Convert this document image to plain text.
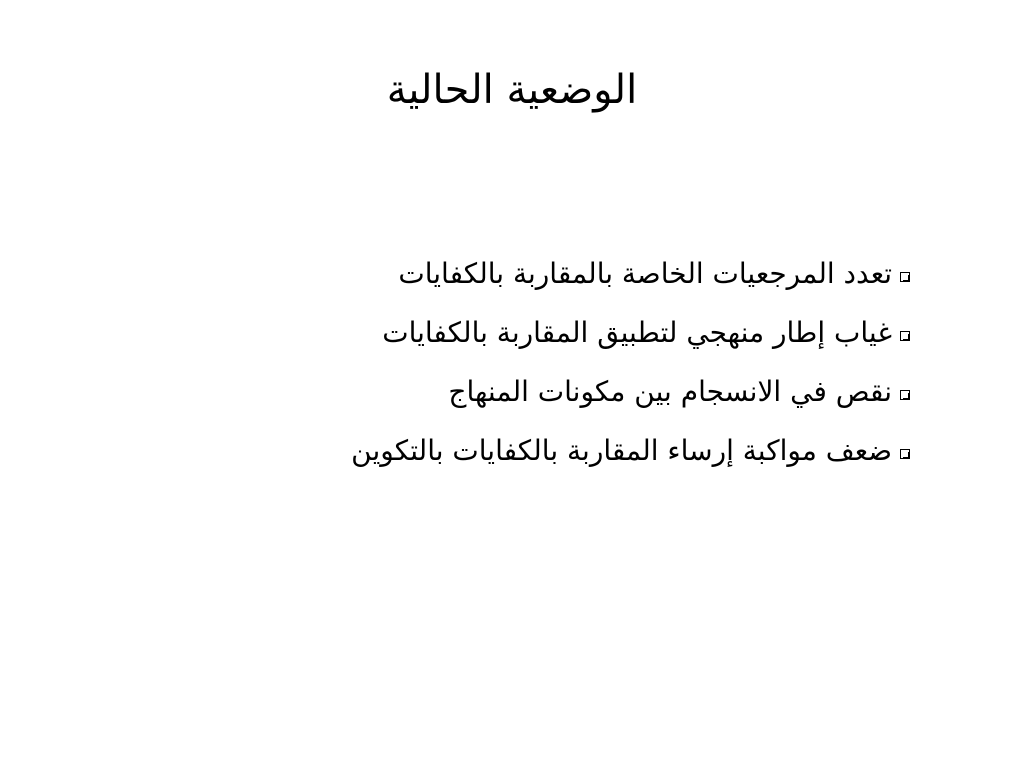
الوضعية الحالية
تعدد المرجعيات الخاصة بالمقاربة بالكفايات
غياب إطار منهجي لتطبيق المقاربة بالكفايات
نقص في الانسجام بين مكونات المنهاج
ضعف مواكبة إرساء المقاربة بالكفايات بالتكوين
